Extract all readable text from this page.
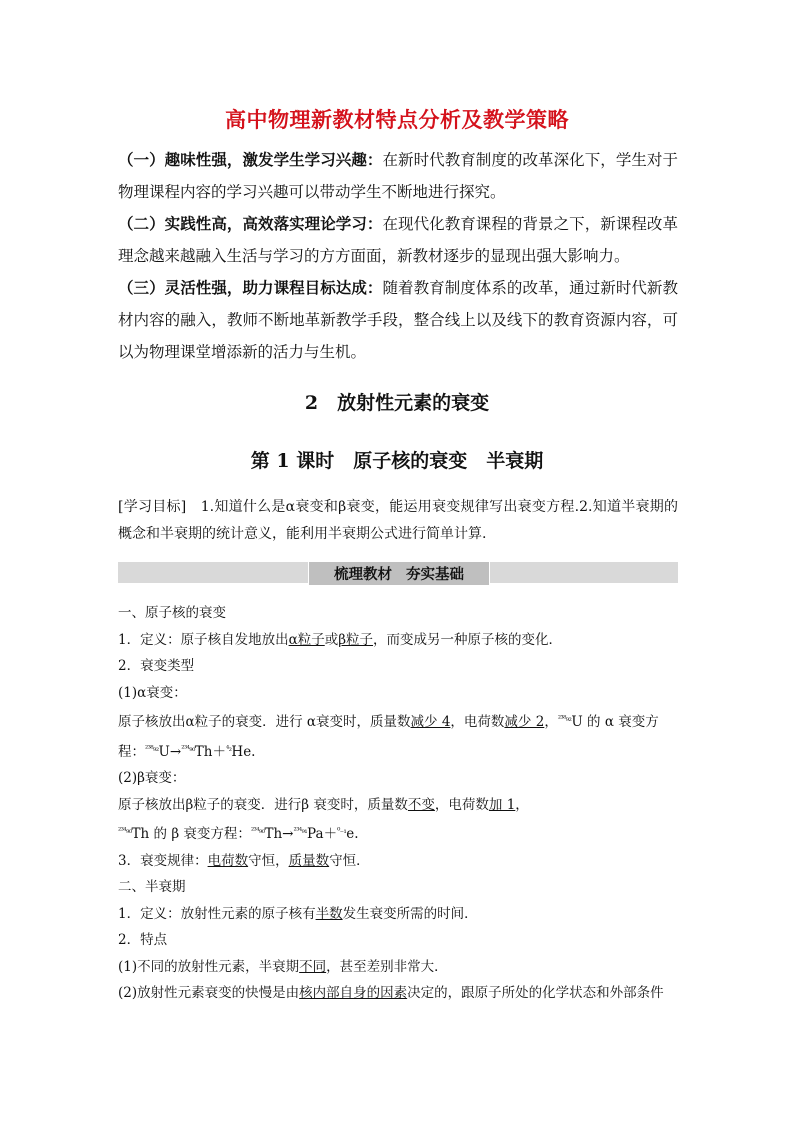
高中物理新教材特点分析及教学策略

（一）趣味性强，激发学生学习兴趣：在新时代教育制度的改革深化下，学生对于物理课程内容的学习兴趣可以带动学生不断地进行探究。

（二）实践性高，高效落实理论学习：在现代化教育课程的背景之下，新课程改革理念越来越融入生活与学习的方方面面，新教材逐步的显现出强大影响力。

（三）灵活性强，助力课程目标达成：随着教育制度体系的改革，通过新时代新教材内容的融入，教师不断地革新教学手段，整合线上以及线下的教育资源内容，可以为物理课堂增添新的活力与生机。

2　放射性元素的衰变
第 1 课时　原子核的衰变　半衰期
[学习目标]　1.知道什么是α衰变和β衰变，能运用衰变规律写出衰变方程.2.知道半衰期的概念和半衰期的统计意义，能利用半衰期公式进行简单计算.
梳理教材 夯实基础

一、原子核的衰变

1．定义：原子核自发地放出α粒子或β粒子，而变成另一种原子核的变化．

2．衰变类型

(1)α衰变：

原子核放出α粒子的衰变．进行 α衰变时，质量数减少 4，电荷数减少 2，$^{^{238}_{92}}$U 的 α 衰变方

程：$^{^{238}_{92}}$U→$^{^{234}_{90}}$Th＋$^{^4_2}$He.

(2)β衰变：

原子核放出β粒子的衰变．进行β 衰变时，质量数不变，电荷数加 1，

$^{^{234}_{90}}$Th 的 β 衰变方程：$^{^{234}_{90}}$Th→$^{^{234}_{91}}$Pa＋$^{^0_{-1}}$e.

3．衰变规律：电荷数守恒，质量数守恒．

二、半衰期

1．定义：放射性元素的原子核有半数发生衰变所需的时间．

2．特点

(1)不同的放射性元素，半衰期不同，甚至差别非常大．

(2)放射性元素衰变的快慢是由核内部自身的因素决定的，跟原子所处的化学状态和外部条件
